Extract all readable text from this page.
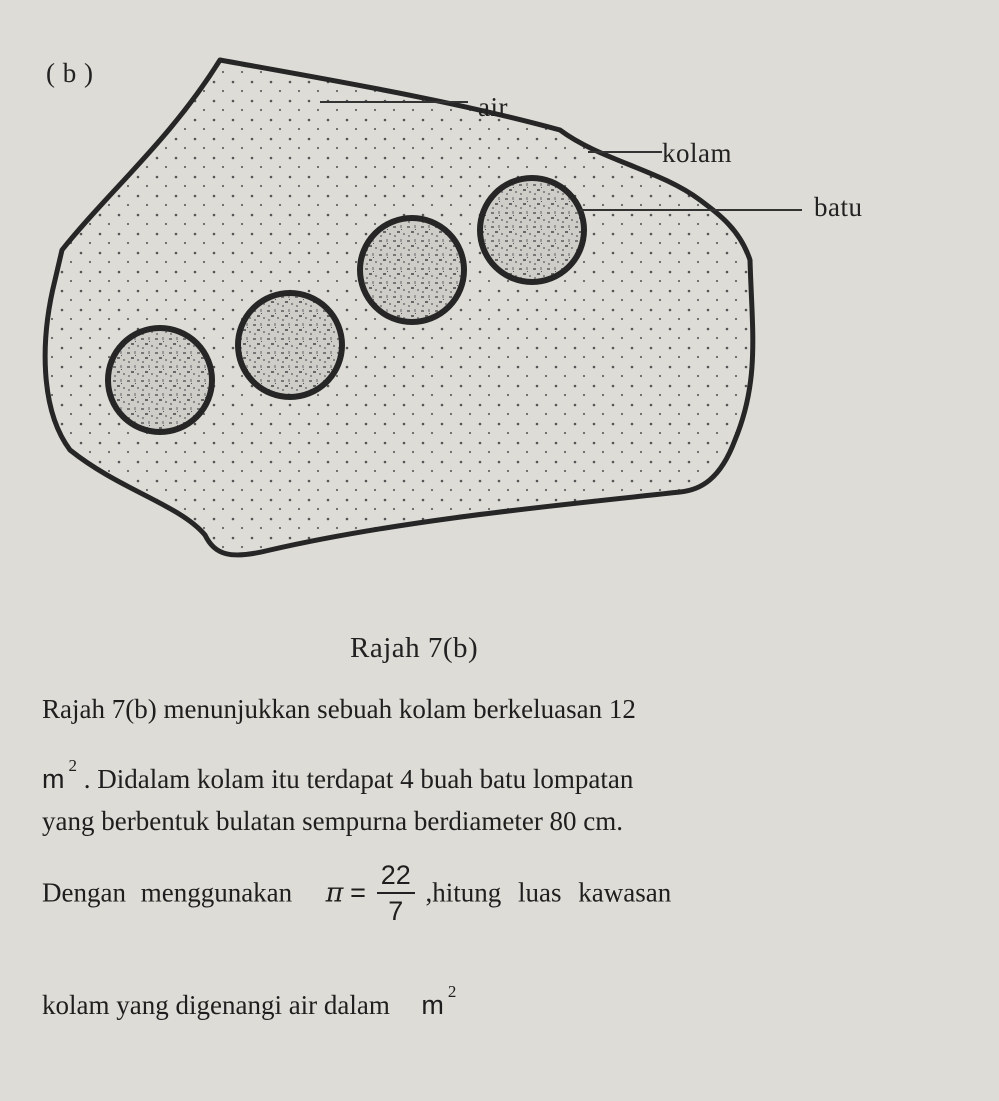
( b )
air
kolam
batu
Rajah 7(b)
Rajah 7(b) menunjukkan sebuah kolam berkeluasan 12
m $^2$ . Didalam kolam itu terdapat 4 buah batu lompatan
yang berbentuk bulatan sempurna berdiameter 80 cm.
Dengan menggunakan $\pi = \frac{22}{7}$ ,hitung luas kawasan
kolam yang digenangi air dalam m $^2$
